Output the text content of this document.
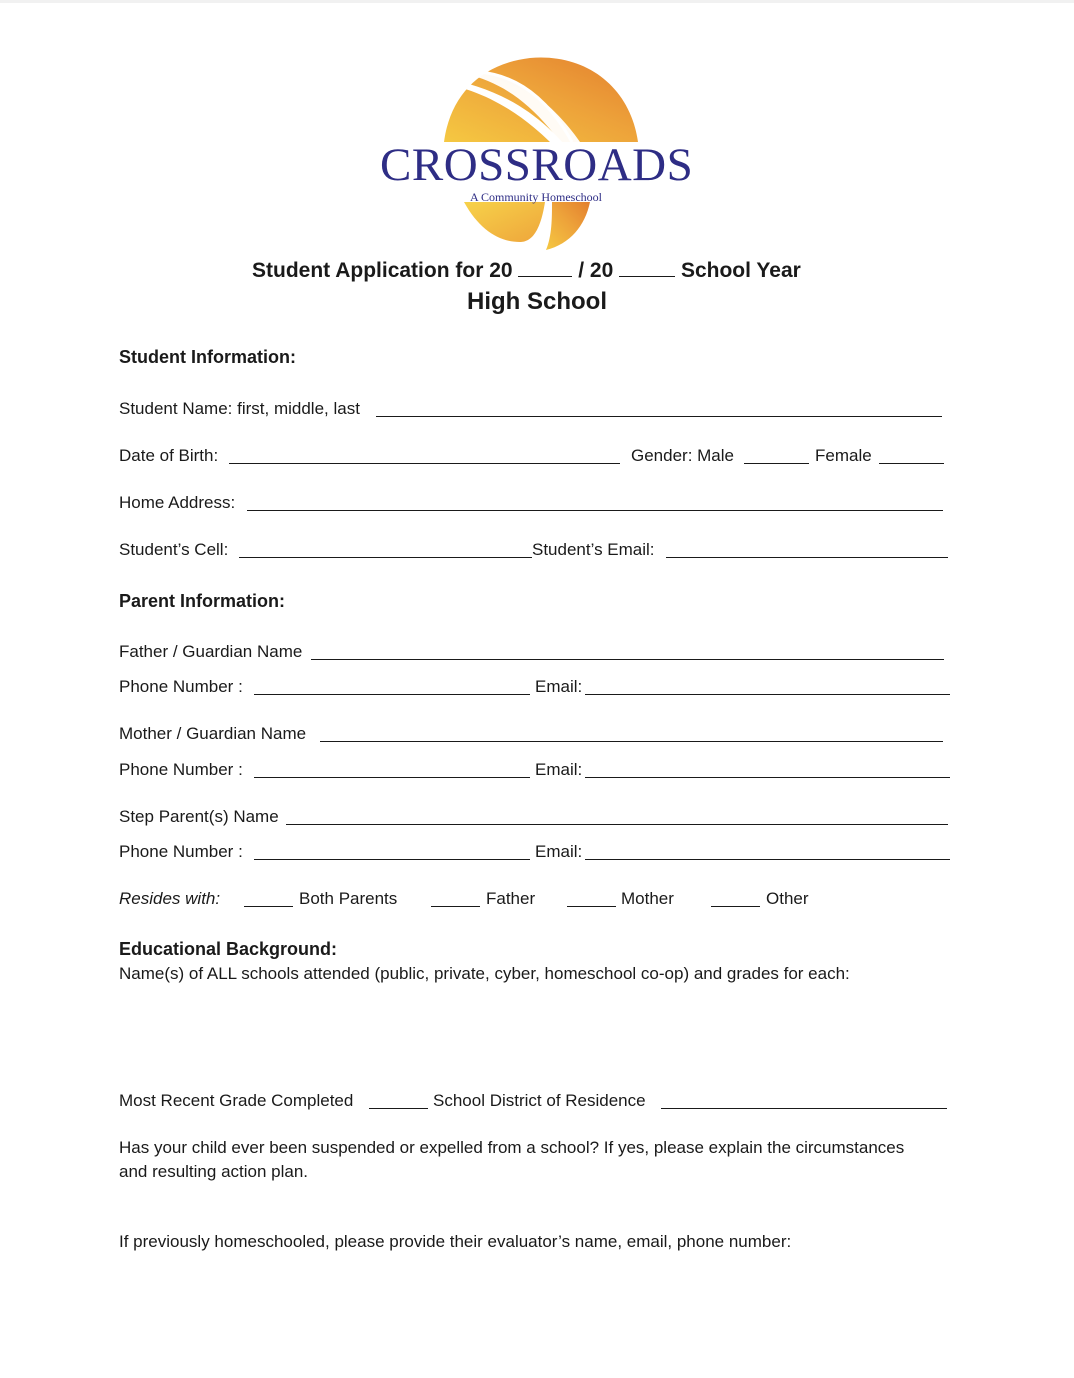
CROSSROADS
A Community Homeschool
Student Application for 20	/ 20	School Year
High School
Student Information:
Student Name: first, middle, last
Date of Birth:	Gender: Male	Female
Home Address:
Student’s Cell:	Student’s Email:
Parent Information:
Father / Guardian Name
Phone Number :	Email:
Mother / Guardian Name
Phone Number :	Email:
Step Parent(s) Name
Phone Number :	Email:
Resides with:	Both Parents	Father	Mother	Other
Educational Background:
Name(s) of ALL schools attended (public, private, cyber, homeschool co-op) and grades for each:
Most Recent Grade Completed	School District of Residence
Has your child ever been suspended or expelled from a school? If yes, please explain the circumstances
and resulting action plan.
If previously homeschooled, please provide their evaluator’s name, email, phone number:
